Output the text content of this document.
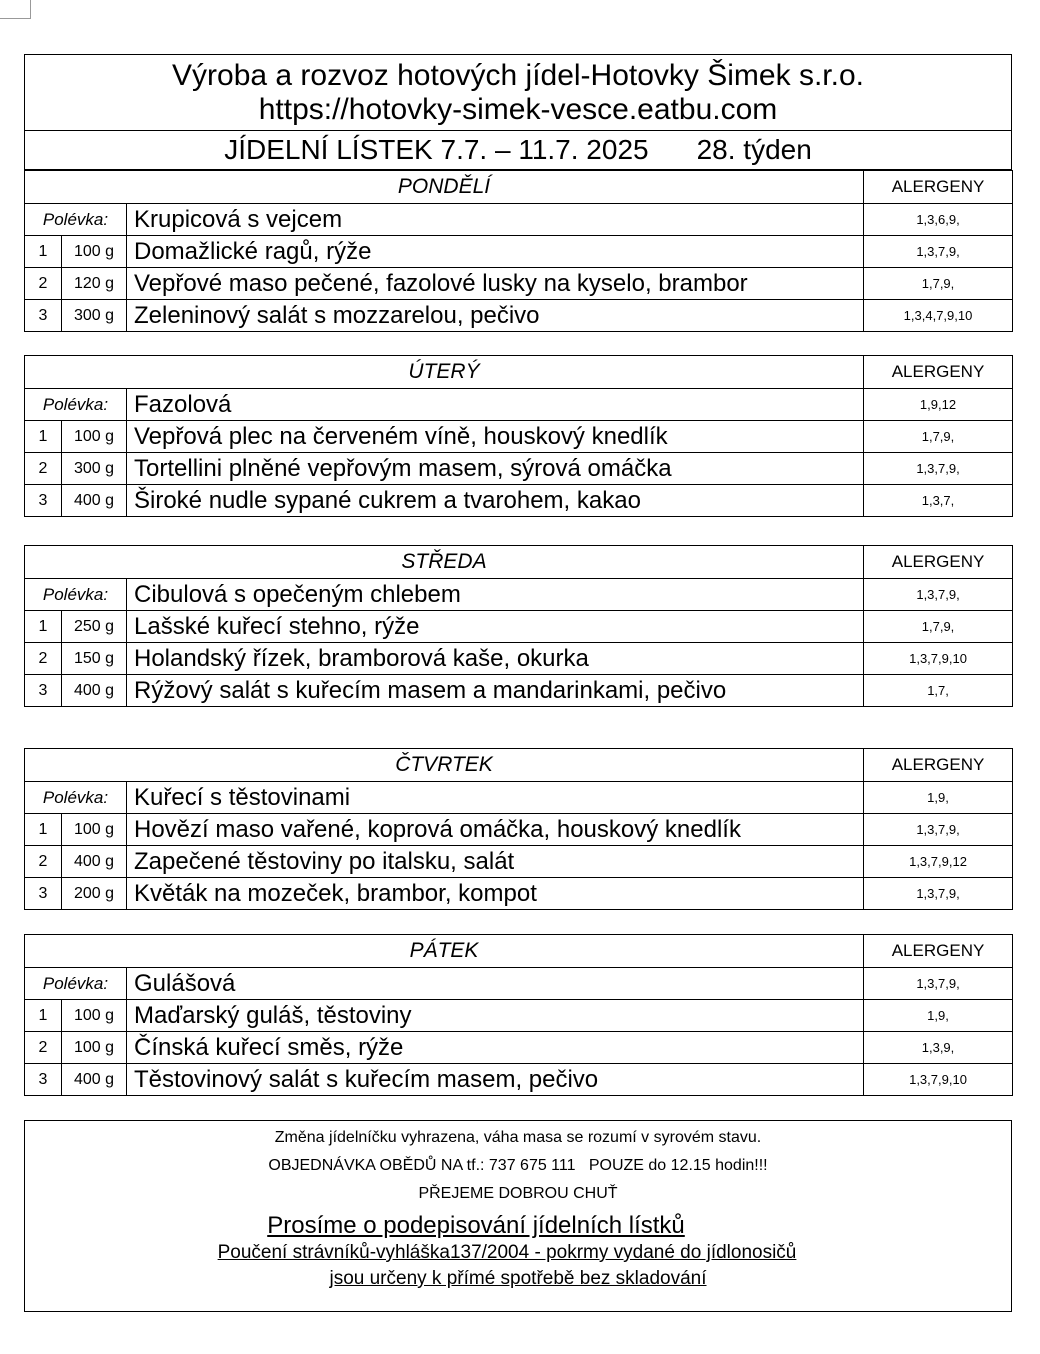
Výroba a rozvoz hotových jídel-Hotovky Šimek s.r.o.
https://hotovky-simek-vesce.eatbu.com
JÍDELNÍ LÍSTEK 7.7. – 11.7. 2025 28. týden
PONDĚLÍ			ALERGENY
Polévka:		Krupicová s vejcem	1,3,6,9,
1	100 g	Domažlické ragů, rýže	1,3,7,9,
2	120 g	Vepřové maso pečené, fazolové lusky na kyselo, brambor	1,7,9,
3	300 g	Zeleninový salát s mozzarelou, pečivo	1,3,4,7,9,10
ÚTERÝ			ALERGENY
Polévka:		Fazolová	1,9,12
1	100 g	Vepřová plec na červeném víně, houskový knedlík	1,7,9,
2	300 g	Tortellini plněné vepřovým masem, sýrová omáčka	1,3,7,9,
3	400 g	Široké nudle sypané cukrem a tvarohem, kakao	1,3,7,
STŘEDA			ALERGENY
Polévka:		Cibulová s opečeným chlebem	1,3,7,9,
1	250 g	Lašské kuřecí stehno, rýže	1,7,9,
2	150 g	Holandský řízek, bramborová kaše, okurka	1,3,7,9,10
3	400 g	Rýžový salát s kuřecím masem a mandarinkami, pečivo	1,7,
ČTVRTEK			ALERGENY
Polévka:		Kuřecí s těstovinami	1,9,
1	100 g	Hovězí maso vařené, koprová omáčka, houskový knedlík	1,3,7,9,
2	400 g	Zapečené těstoviny po italsku, salát	1,3,7,9,12
3	200 g	Květák na mozeček, brambor, kompot	1,3,7,9,
PÁTEK			ALERGENY
Polévka:		Gulášová	1,3,7,9,
1	100 g	Maďarský guláš, těstoviny	1,9,
2	100 g	Čínská kuřecí směs, rýže	1,3,9,
3	400 g	Těstovinový salát s kuřecím masem, pečivo	1,3,7,9,10
Změna jídelníčku vyhrazena, váha masa se rozumí v syrovém stavu.
OBJEDNÁVKA OBĚDŮ NA tf.: 737 675 111   POUZE do 12.15 hodin!!!
PŘEJEME DOBROU CHUŤ
Prosíme o podepisování jídelních lístků
Poučení strávníků-vyhláška137/2004 - pokrmy vydané do jídlonosičů
jsou určeny k přímé spotřebě bez skladování
